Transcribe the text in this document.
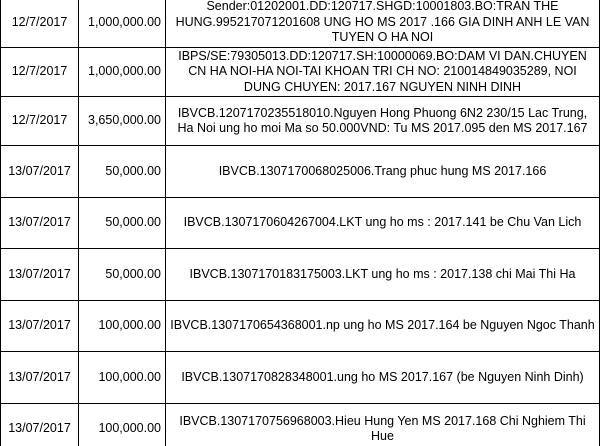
12/7/2017	1,000,000.00	Sender:01202001.DD:120717.SHGD:10001803.BO:TRAN THE HUNG.995217071201608 UNG HO MS 2017 .166 GIA DINH ANH LE VAN TUYEN O HA NOI
12/7/2017	1,000,000.00	IBPS/SE:79305013.DD:120717.SH:10000069.BO:DAM VI DAN.CHUYEN CN HA NOI-HA NOI-TAI KHOAN TRI CH NO: 210014849035289, NOI DUNG CHUYEN: 2017.167 NGUYEN NINH DINH
12/7/2017	3,650,000.00	IBVCB.1207170235518010.Nguyen Hong Phuong 6N2 230/15 Lac Trung, Ha Noi ung ho moi Ma so 50.000VND: Tu MS 2017.095 den MS 2017.167
13/07/2017	50,000.00	IBVCB.1307170068025006.Trang phuc hung MS 2017.166
13/07/2017	50,000.00	IBVCB.1307170604267004.LKT ung ho ms : 2017.141 be Chu Van Lich
13/07/2017	50,000.00	IBVCB.1307170183175003.LKT ung ho ms : 2017.138 chi Mai Thi Ha
13/07/2017	100,000.00	IBVCB.1307170654368001.np ung ho MS 2017.164 be Nguyen Ngoc Thanh
13/07/2017	100,000.00	IBVCB.1307170828348001.ung ho MS 2017.167 (be Nguyen Ninh Dinh)
13/07/2017	100,000.00	IBVCB.1307170756968003.Hieu Hung Yen MS 2017.168 Chi Nghiem Thi Hue
